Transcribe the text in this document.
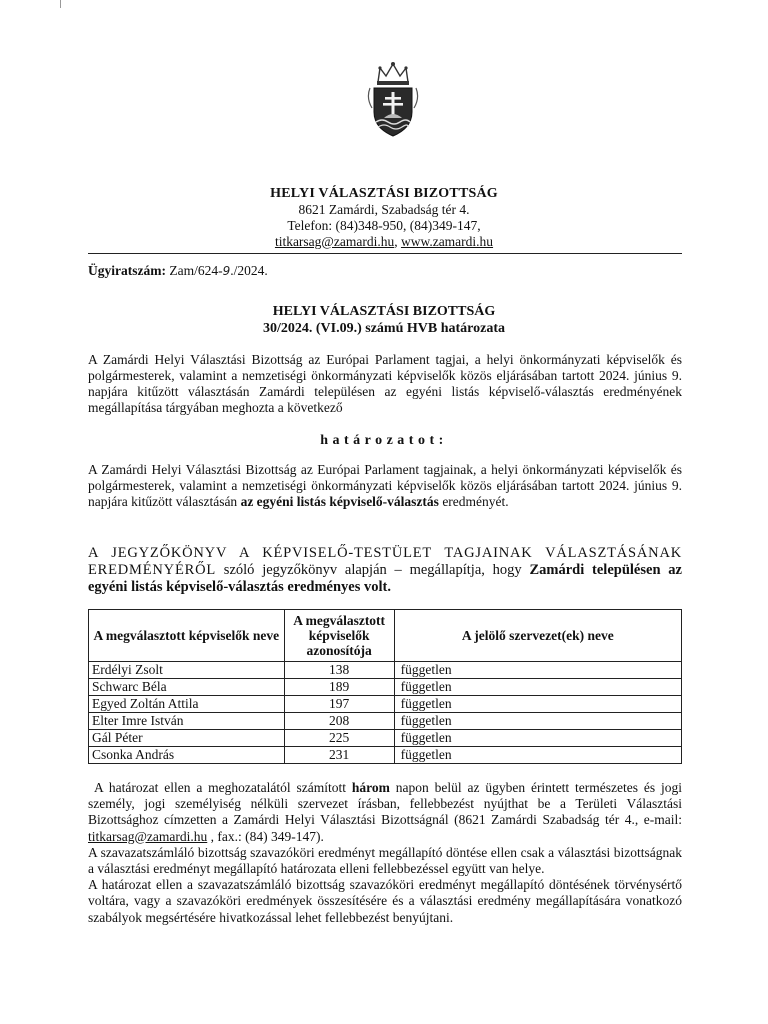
HELYI VÁLASZTÁSI BIZOTTSÁG
8621 Zamárdi, Szabadság tér 4.
Telefon: (84)348-950, (84)349-147,
titkarsag@zamardi.hu, www.zamardi.hu
Ügyiratszám: Zam/624-9./2024.
HELYI VÁLASZTÁSI BIZOTTSÁG
30/2024. (VI.09.) számú HVB határozata
A Zamárdi Helyi Választási Bizottság az Európai Parlament tagjai, a helyi önkormányzati képviselők és polgármesterek, valamint a nemzetiségi önkormányzati képviselők közös eljárásában tartott 2024. június 9. napjára kitűzött választásán Zamárdi településen az egyéni listás képviselő-választás eredményének megállapítása tárgyában meghozta a következő
határozatot:
A Zamárdi Helyi Választási Bizottság az Európai Parlament tagjainak, a helyi önkormányzati képviselők és polgármesterek, valamint a nemzetiségi önkormányzati képviselők közös eljárásában tartott 2024. június 9. napjára kitűzött választásán az egyéni listás képviselő-választás eredményét.
A JEGYZŐKÖNYV A KÉPVISELŐ-TESTÜLET TAGJAINAK VÁLASZTÁSÁNAK EREDMÉNYÉRŐL szóló jegyzőkönyv alapján – megállapítja, hogy Zamárdi településen az egyéni listás képviselő-választás eredményes volt.
A megválasztott képviselők neve	A megválasztott képviselők azonosítója	A jelölő szervezet(ek) neve
Erdélyi Zsolt	138	független
Schwarc Béla	189	független
Egyed Zoltán Attila	197	független
Elter Imre István	208	független
Gál Péter	225	független
Csonka András	231	független
A határozat ellen a meghozatalától számított három napon belül az ügyben érintett természetes és jogi személy, jogi személyiség nélküli szervezet írásban, fellebbezést nyújthat be a Területi Választási Bizottsághoz címzetten a Zamárdi Helyi Választási Bizottságnál (8621 Zamárdi Szabadság tér 4., e-mail: titkarsag@zamardi.hu , fax.: (84) 349-147).
A szavazatszámláló bizottság szavazóköri eredményt megállapító döntése ellen csak a választási bizottságnak a választási eredményt megállapító határozata elleni fellebbezéssel együtt van helye.
A határozat ellen a szavazatszámláló bizottság szavazóköri eredményt megállapító döntésének törvénysértő voltára, vagy a szavazóköri eredmények összesítésére és a választási eredmény megállapítására vonatkozó szabályok megsértésére hivatkozással lehet fellebbezést benyújtani.
